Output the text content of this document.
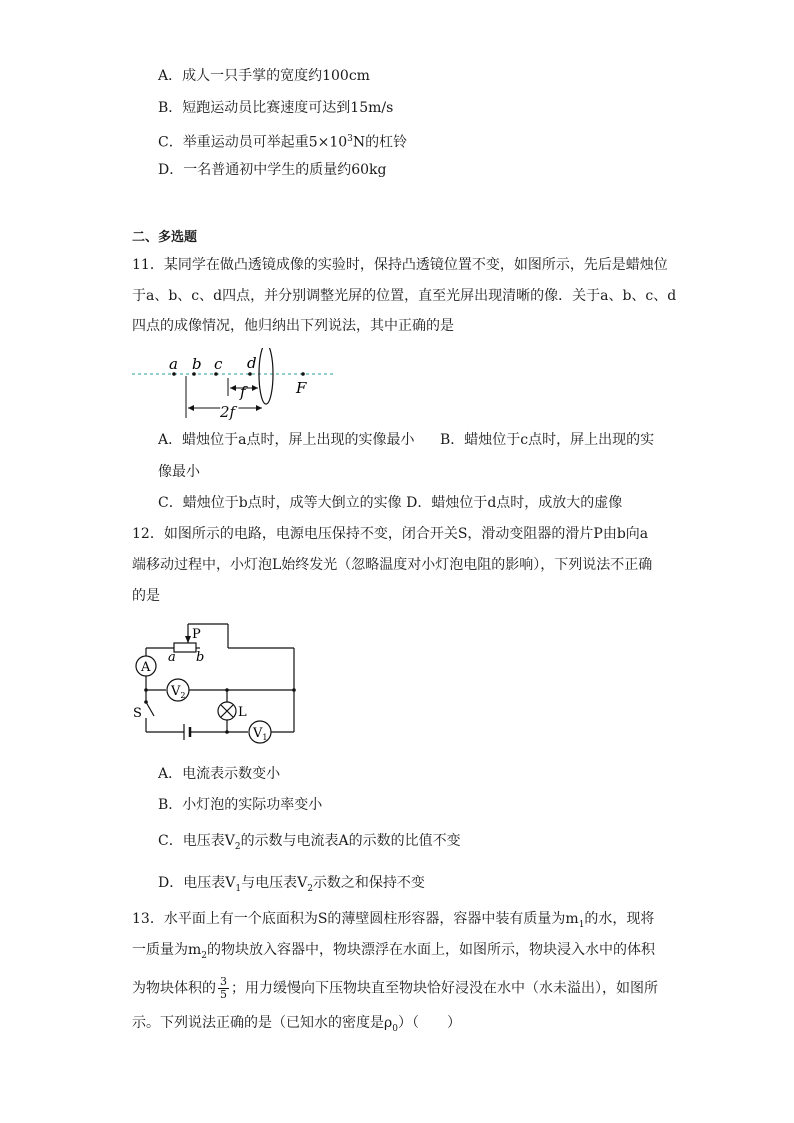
A．成人一只手掌的宽度约100cm
B．短跑运动员比赛速度可达到15m/s
C．举重运动员可举起重$5\times 10^3N$的杠铃
D．一名普通初中学生的质量约60kg
二、多选题
11．某同学在做凸透镜成像的实验时，保持凸透镜位置不变，如图所示，先后是蜡烛位
于a、b、c、d四点，并分别调整光屏的位置，直至光屏出现清晰的像．关于a、b、c、d
四点的成像情况，他归纳出下列说法，其中正确的是
a b c d
F
f
2f
A．蜡烛位于a点时，屏上出现的实像最小 B．蜡烛位于c点时，屏上出现的实
像最小
C．蜡烛位于b点时，成等大倒立的实像 D．蜡烛位于d点时，成放大的虚像
12．如图所示的电路，电源电压保持不变，闭合开关S，滑动变阻器的滑片P由b向a
端移动过程中，小灯泡L始终发光（忽略温度对小灯泡电阻的影响），下列说法不正确
的是
P
a b
A
$V_2$
S	L
$V_1$
A．电流表示数变小
B．小灯泡的实际功率变小
C．电压表$V_2$的示数与电流表A的示数的比值不变
D．电压表$V_1$与电压表$V_2$示数之和保持不变
13．水平面上有一个底面积为S的薄壁圆柱形容器，容器中装有质量为$m_1$的水，现将
一质量为$m_2$的物块放入容器中，物块漂浮在水面上，如图所示，物块浸入水中的体积
为物块体积的 $\frac{3}{5}$ ；用力缓慢向下压物块直至物块恰好浸没在水中（水未溢出），如图所
示。下列说法正确的是（已知水的密度是$\rho_0$）（　　）
